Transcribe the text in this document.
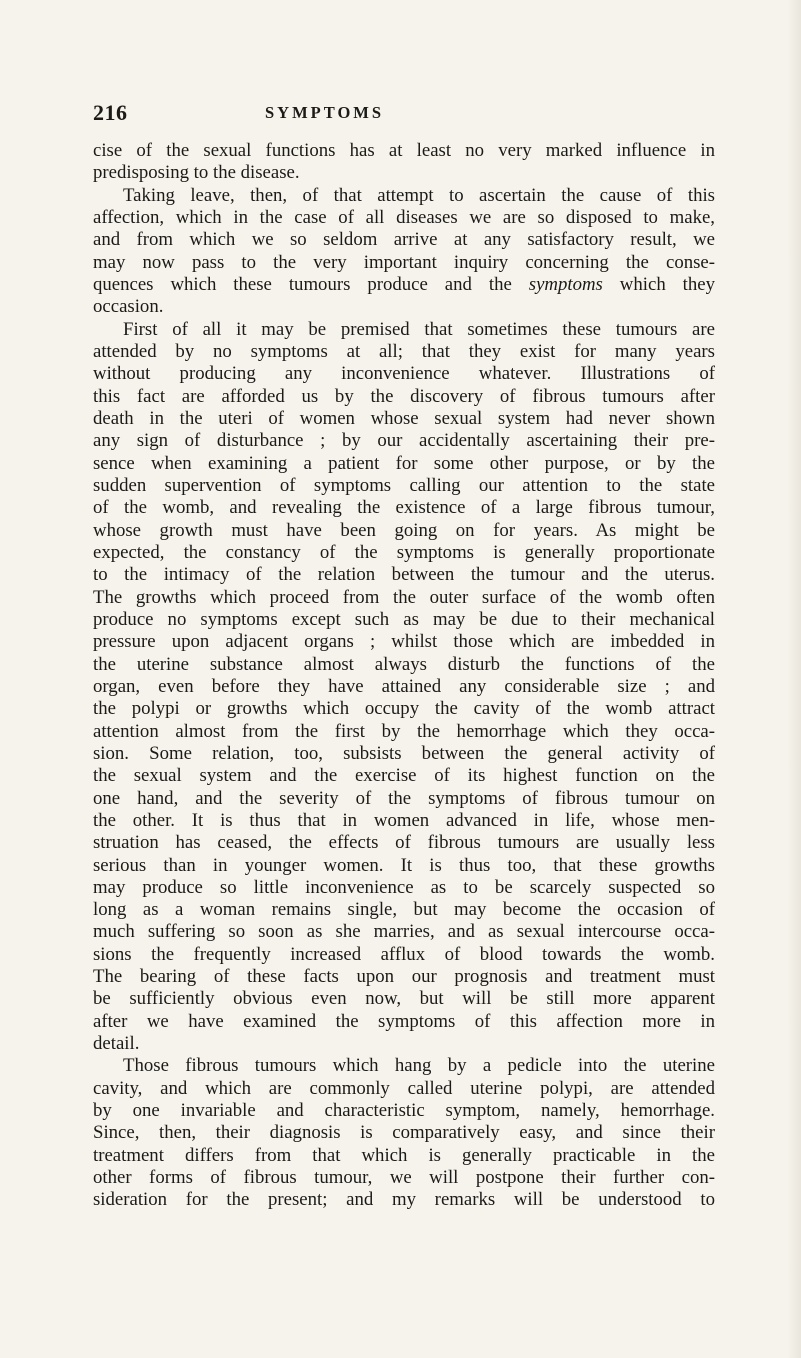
216	SYMPTOMS
cise of the sexual functions has at least no very marked influence in
predisposing to the disease.
Taking leave, then, of that attempt to ascertain the cause of this
affection, which in the case of all diseases we are so disposed to make,
and from which we so seldom arrive at any satisfactory result, we
may now pass to the very important inquiry concerning the conse-
quences which these tumours produce and the symptoms which they
occasion.
First of all it may be premised that sometimes these tumours are
attended by no symptoms at all; that they exist for many years
without producing any inconvenience whatever. Illustrations of
this fact are afforded us by the discovery of fibrous tumours after
death in the uteri of women whose sexual system had never shown
any sign of disturbance ; by our accidentally ascertaining their pre-
sence when examining a patient for some other purpose, or by the
sudden supervention of symptoms calling our attention to the state
of the womb, and revealing the existence of a large fibrous tumour,
whose growth must have been going on for years. As might be
expected, the constancy of the symptoms is generally proportionate
to the intimacy of the relation between the tumour and the uterus.
The growths which proceed from the outer surface of the womb often
produce no symptoms except such as may be due to their mechanical
pressure upon adjacent organs ; whilst those which are imbedded in
the uterine substance almost always disturb the functions of the
organ, even before they have attained any considerable size ; and
the polypi or growths which occupy the cavity of the womb attract
attention almost from the first by the hemorrhage which they occa-
sion. Some relation, too, subsists between the general activity of
the sexual system and the exercise of its highest function on the
one hand, and the severity of the symptoms of fibrous tumour on
the other. It is thus that in women advanced in life, whose men-
struation has ceased, the effects of fibrous tumours are usually less
serious than in younger women. It is thus too, that these growths
may produce so little inconvenience as to be scarcely suspected so
long as a woman remains single, but may become the occasion of
much suffering so soon as she marries, and as sexual intercourse occa-
sions the frequently increased afflux of blood towards the womb.
The bearing of these facts upon our prognosis and treatment must
be sufficiently obvious even now, but will be still more apparent
after we have examined the symptoms of this affection more in
detail.
Those fibrous tumours which hang by a pedicle into the uterine
cavity, and which are commonly called uterine polypi, are attended
by one invariable and characteristic symptom, namely, hemorrhage.
Since, then, their diagnosis is comparatively easy, and since their
treatment differs from that which is generally practicable in the
other forms of fibrous tumour, we will postpone their further con-
sideration for the present; and my remarks will be understood to
